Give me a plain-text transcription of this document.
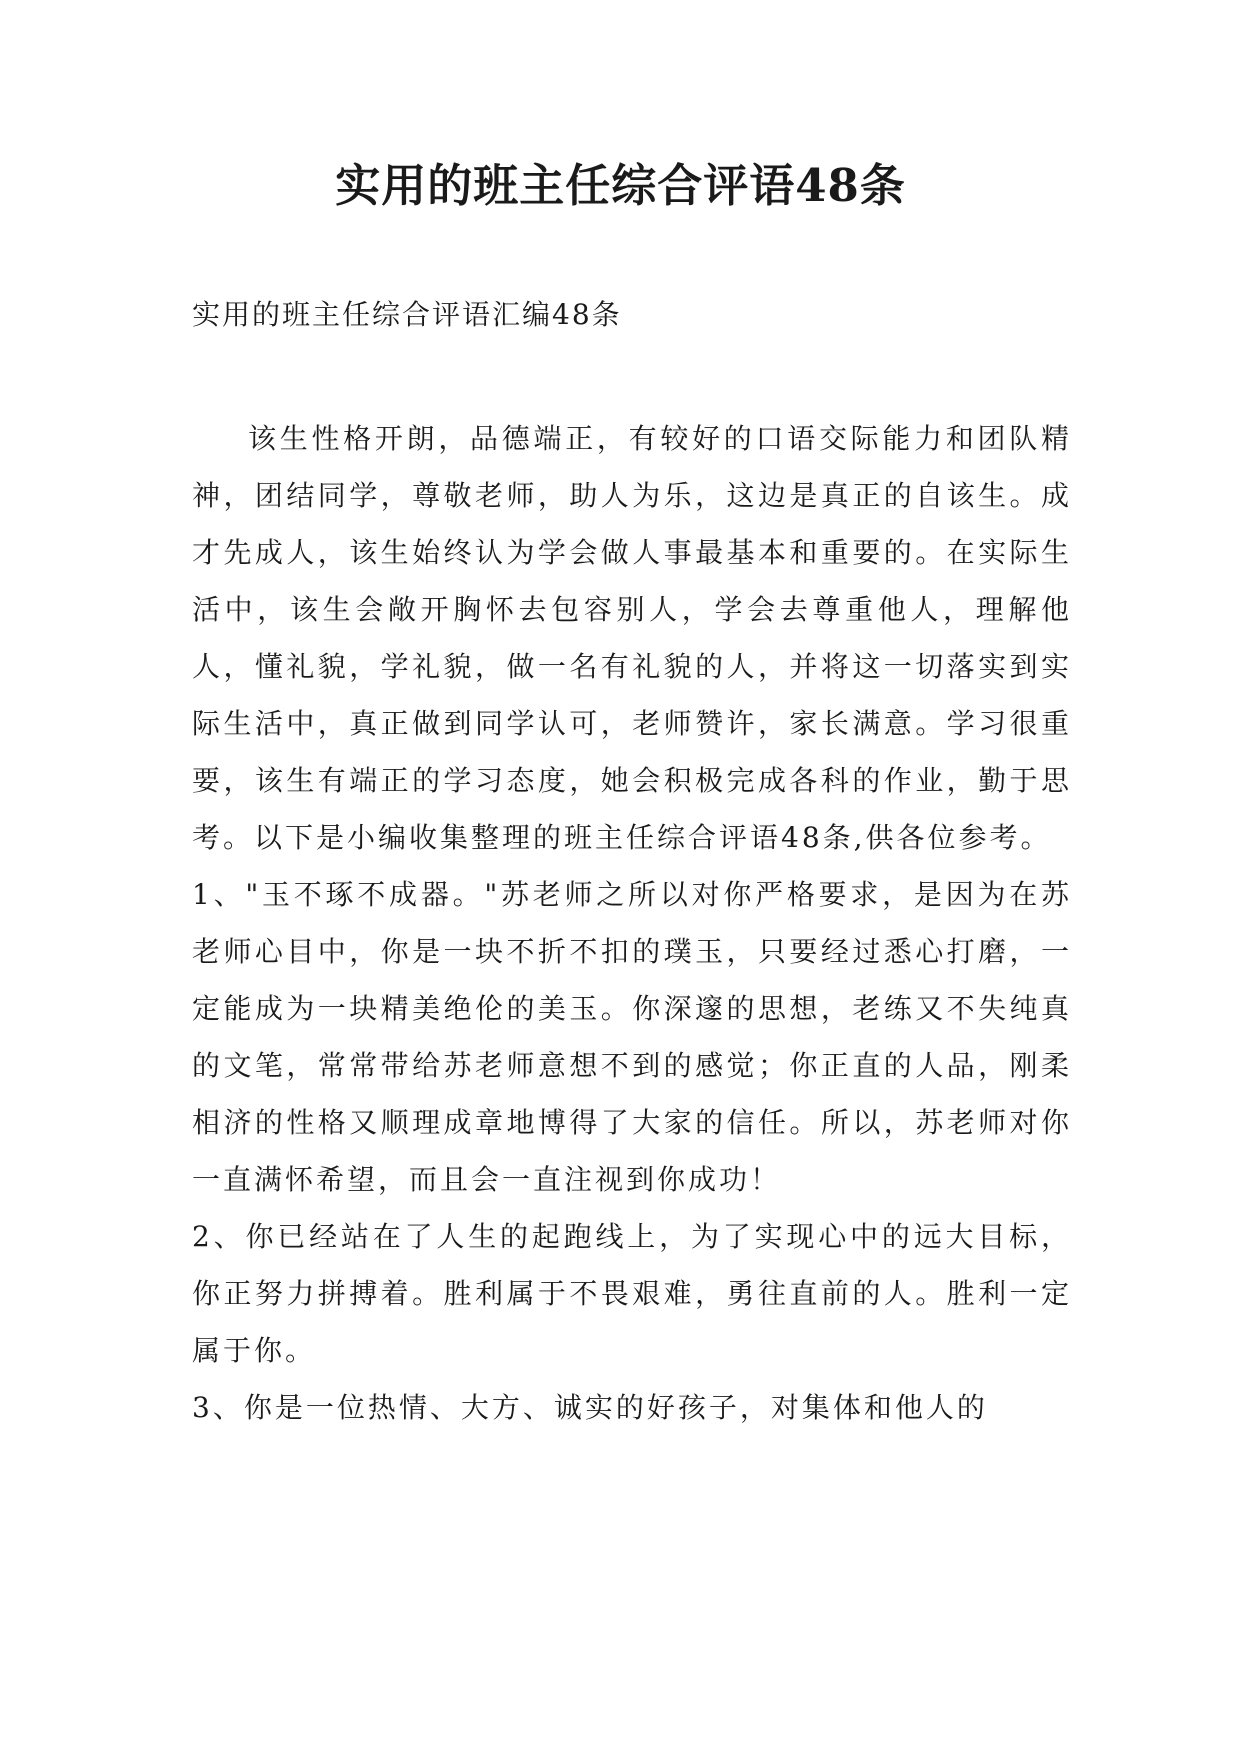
实用的班主任综合评语48条

实用的班主任综合评语汇编48条

该生性格开朗，品德端正，有较好的口语交际能力和团队精神，团结同学，尊敬老师，助人为乐，这边是真正的自该生。成才先成人，该生始终认为学会做人事最基本和重要的。在实际生活中，该生会敞开胸怀去包容别人，学会去尊重他人，理解他人，懂礼貌，学礼貌，做一名有礼貌的人，并将这一切落实到实际生活中，真正做到同学认可，老师赞许，家长满意。学习很重要，该生有端正的学习态度，她会积极完成各科的作业，勤于思考。以下是小编收集整理的班主任综合评语48条,供各位参考。

1、"玉不琢不成器。"苏老师之所以对你严格要求，是因为在苏老师心目中，你是一块不折不扣的璞玉，只要经过悉心打磨，一定能成为一块精美绝伦的美玉。你深邃的思想，老练又不失纯真的文笔，常常带给苏老师意想不到的感觉；你正直的人品，刚柔相济的性格又顺理成章地博得了大家的信任。所以，苏老师对你一直满怀希望，而且会一直注视到你成功！

2、你已经站在了人生的起跑线上，为了实现心中的远大目标，你正努力拼搏着。胜利属于不畏艰难，勇往直前的人。胜利一定属于你。

3、你是一位热情、大方、诚实的好孩子，对集体和他人的
